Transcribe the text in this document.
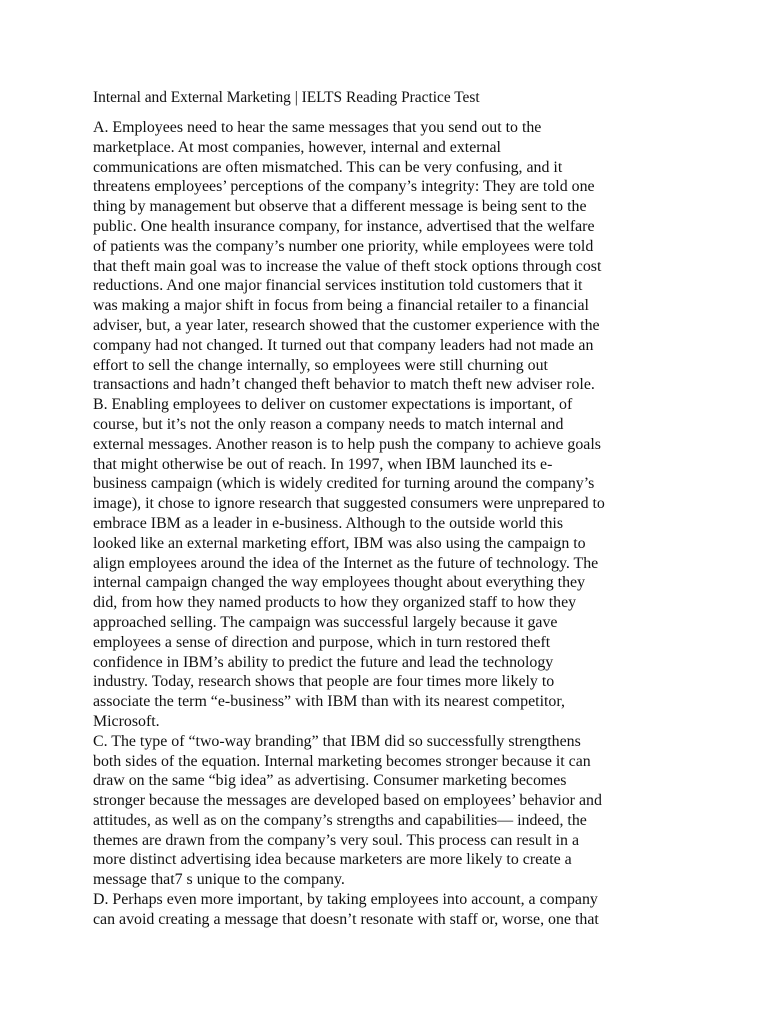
Internal and External Marketing | IELTS Reading Practice Test
A. Employees need to hear the same messages that you send out to the
marketplace. At most companies, however, internal and external
communications are often mismatched. This can be very confusing, and it
threatens employees’ perceptions of the company’s integrity: They are told one
thing by management but observe that a different message is being sent to the
public. One health insurance company, for instance, advertised that the welfare
of patients was the company’s number one priority, while employees were told
that theft main goal was to increase the value of theft stock options through cost
reductions. And one major financial services institution told customers that it
was making a major shift in focus from being a financial retailer to a financial
adviser, but, a year later, research showed that the customer experience with the
company had not changed. It turned out that company leaders had not made an
effort to sell the change internally, so employees were still churning out
transactions and hadn’t changed theft behavior to match theft new adviser role.
B. Enabling employees to deliver on customer expectations is important, of
course, but it’s not the only reason a company needs to match internal and
external messages. Another reason is to help push the company to achieve goals
that might otherwise be out of reach. In 1997, when IBM launched its e-
business campaign (which is widely credited for turning around the company’s
image), it chose to ignore research that suggested consumers were unprepared to
embrace IBM as a leader in e-business. Although to the outside world this
looked like an external marketing effort, IBM was also using the campaign to
align employees around the idea of the Internet as the future of technology. The
internal campaign changed the way employees thought about everything they
did, from how they named products to how they organized staff to how they
approached selling. The campaign was successful largely because it gave
employees a sense of direction and purpose, which in turn restored theft
confidence in IBM’s ability to predict the future and lead the technology
industry. Today, research shows that people are four times more likely to
associate the term “e-business” with IBM than with its nearest competitor,
Microsoft.
C. The type of “two-way branding” that IBM did so successfully strengthens
both sides of the equation. Internal marketing becomes stronger because it can
draw on the same “big idea” as advertising. Consumer marketing becomes
stronger because the messages are developed based on employees’ behavior and
attitudes, as well as on the company’s strengths and capabilities— indeed, the
themes are drawn from the company’s very soul. This process can result in a
more distinct advertising idea because marketers are more likely to create a
message that7 s unique to the company.
D. Perhaps even more important, by taking employees into account, a company
can avoid creating a message that doesn’t resonate with staff or, worse, one that
